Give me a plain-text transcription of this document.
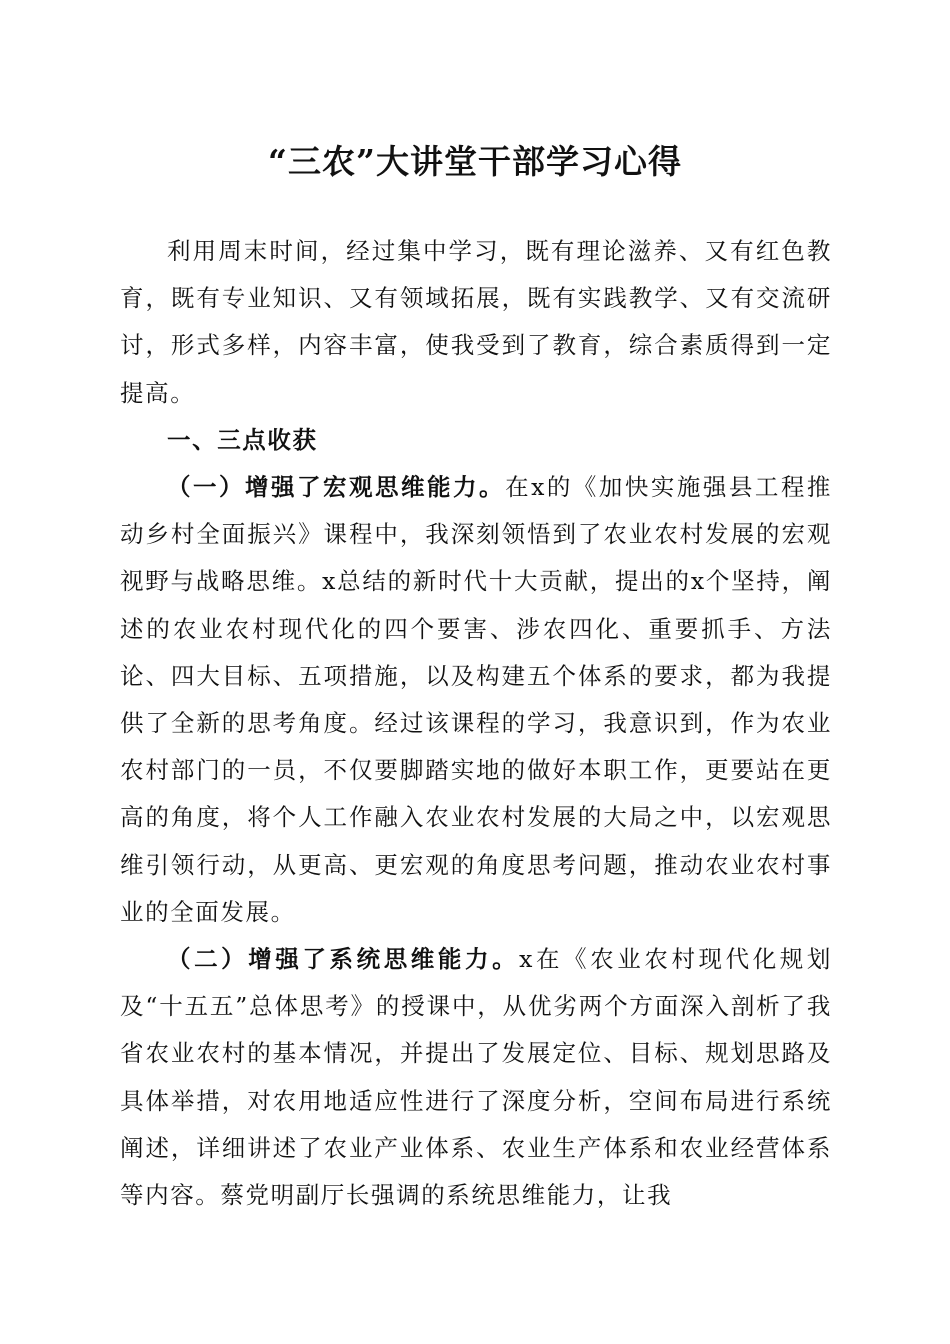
“三农”大讲堂干部学习心得

利用周末时间，经过集中学习，既有理论滋养、又有红色教育，既有专业知识、又有领域拓展，既有实践教学、又有交流研讨，形式多样，内容丰富，使我受到了教育，综合素质得到一定提高。

一、三点收获

（一）增强了宏观思维能力。在x的《加快实施强县工程推动乡村全面振兴》课程中，我深刻领悟到了农业农村发展的宏观视野与战略思维。x总结的新时代十大贡献，提出的x个坚持，阐述的农业农村现代化的四个要害、涉农四化、重要抓手、方法论、四大目标、五项措施，以及构建五个体系的要求，都为我提供了全新的思考角度。经过该课程的学习，我意识到，作为农业农村部门的一员，不仅要脚踏实地的做好本职工作，更要站在更高的角度，将个人工作融入农业农村发展的大局之中，以宏观思维引领行动，从更高、更宏观的角度思考问题，推动农业农村事业的全面发展。

（二）增强了系统思维能力。x在《农业农村现代化规划及“十五五”总体思考》的授课中，从优劣两个方面深入剖析了我省农业农村的基本情况，并提出了发展定位、目标、规划思路及具体举措，对农用地适应性进行了深度分析，空间布局进行系统阐述，详细讲述了农业产业体系、农业生产体系和农业经营体系等内容。蔡党明副厅长强调的系统思维能力，让我
